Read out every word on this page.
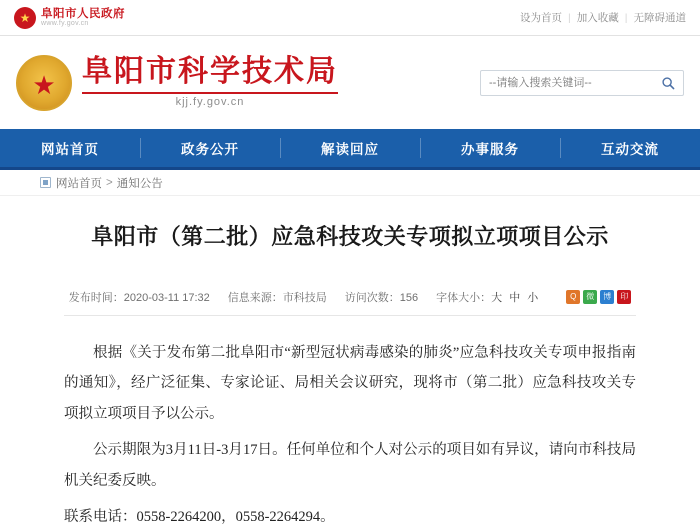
★
阜阳市人民政府
www.fy.gov.cn	设为首页 | 加入收藏 | 无障碍通道
★
阜阳市科学技术局
kjj.fy.gov.cn
--请输入搜索关键词--
网站首页	政务公开	解读回应	办事服务	互动交流
网站首页 > 通知公告
阜阳市（第二批）应急科技攻关专项拟立项项目公示
发布时间：2020-03-11 17:32 信息来源：市科技局 访问次数：156 字体大小：大 中 小	Q	微	博	印

根据《关于发布第二批阜阳市“新型冠状病毒感染的肺炎”应急科技攻关专项申报指南的通知》，经广泛征集、专家论证、局相关会议研究，现将市（第二批）应急科技攻关专项拟立项项目予以公示。

公示期限为3月11日-3月17日。任何单位和个人对公示的项目如有异议，请向市科技局机关纪委反映。

联系电话：0558-2264200，0558-2264294。
